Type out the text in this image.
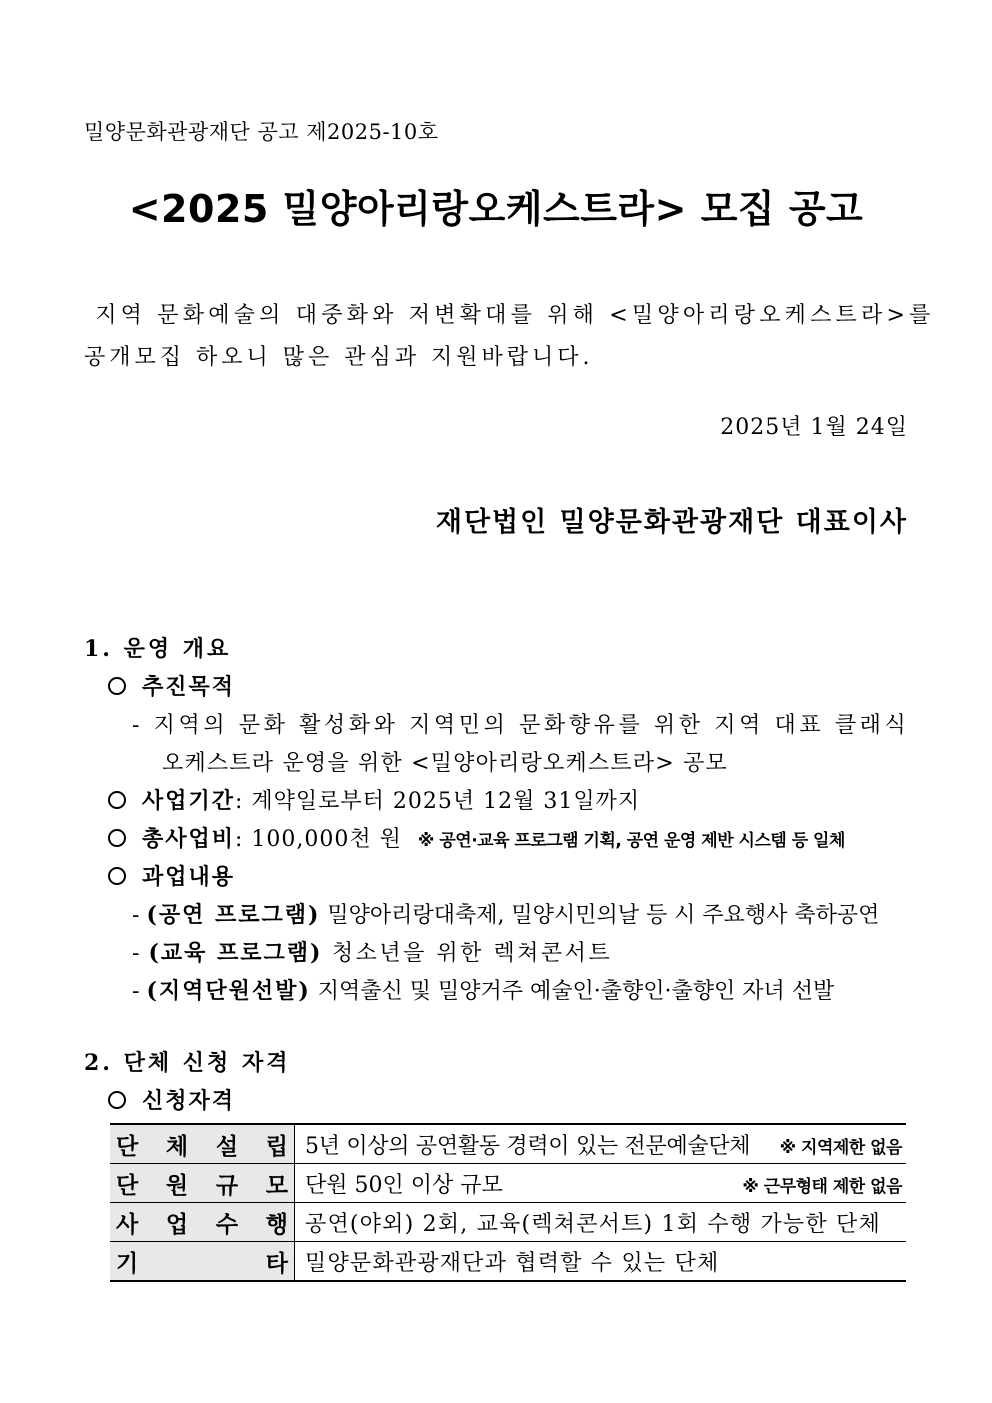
밀양문화관광재단 공고 제2025-10호
<2025 밀양아리랑오케스트라> 모집 공고
지역 문화예술의 대중화와 저변확대를 위해 <밀양아리랑오케스트라>를
공개모집 하오니 많은 관심과 지원바랍니다.
2025년 1월 24일
재단법인 밀양문화관광재단 대표이사
1. 운영 개요
추진목적
- 지역의 문화 활성화와 지역민의 문화향유를 위한 지역 대표 클래식
오케스트라 운영을 위한 <밀양아리랑오케스트라> 공모
사업기간: 계약일로부터 2025년 12월 31일까지
총사업비: 100,000천 원 ※ 공연·교육 프로그램 기획, 공연 운영 제반 시스템 등 일체
과업내용
- (공연 프로그램) 밀양아리랑대축제, 밀양시민의날 등 시 주요행사 축하공연
- (교육 프로그램) 청소년을 위한 렉쳐콘서트
- (지역단원선발) 지역출신 및 밀양거주 예술인·출향인·출향인 자녀 선발
2. 단체 신청 자격
신청자격
단 체 설 립	5년 이상의 공연활동 경력이 있는 전문예술단체 ※ 지역제한 없음

단 원 규 모	단원 50인 이상 규모 ※ 근무형태 제한 없음

사 업 수 행	공연(야외) 2회, 교육(렉쳐콘서트) 1회 수행 가능한 단체

기 타	밀양문화관광재단과 협력할 수 있는 단체
